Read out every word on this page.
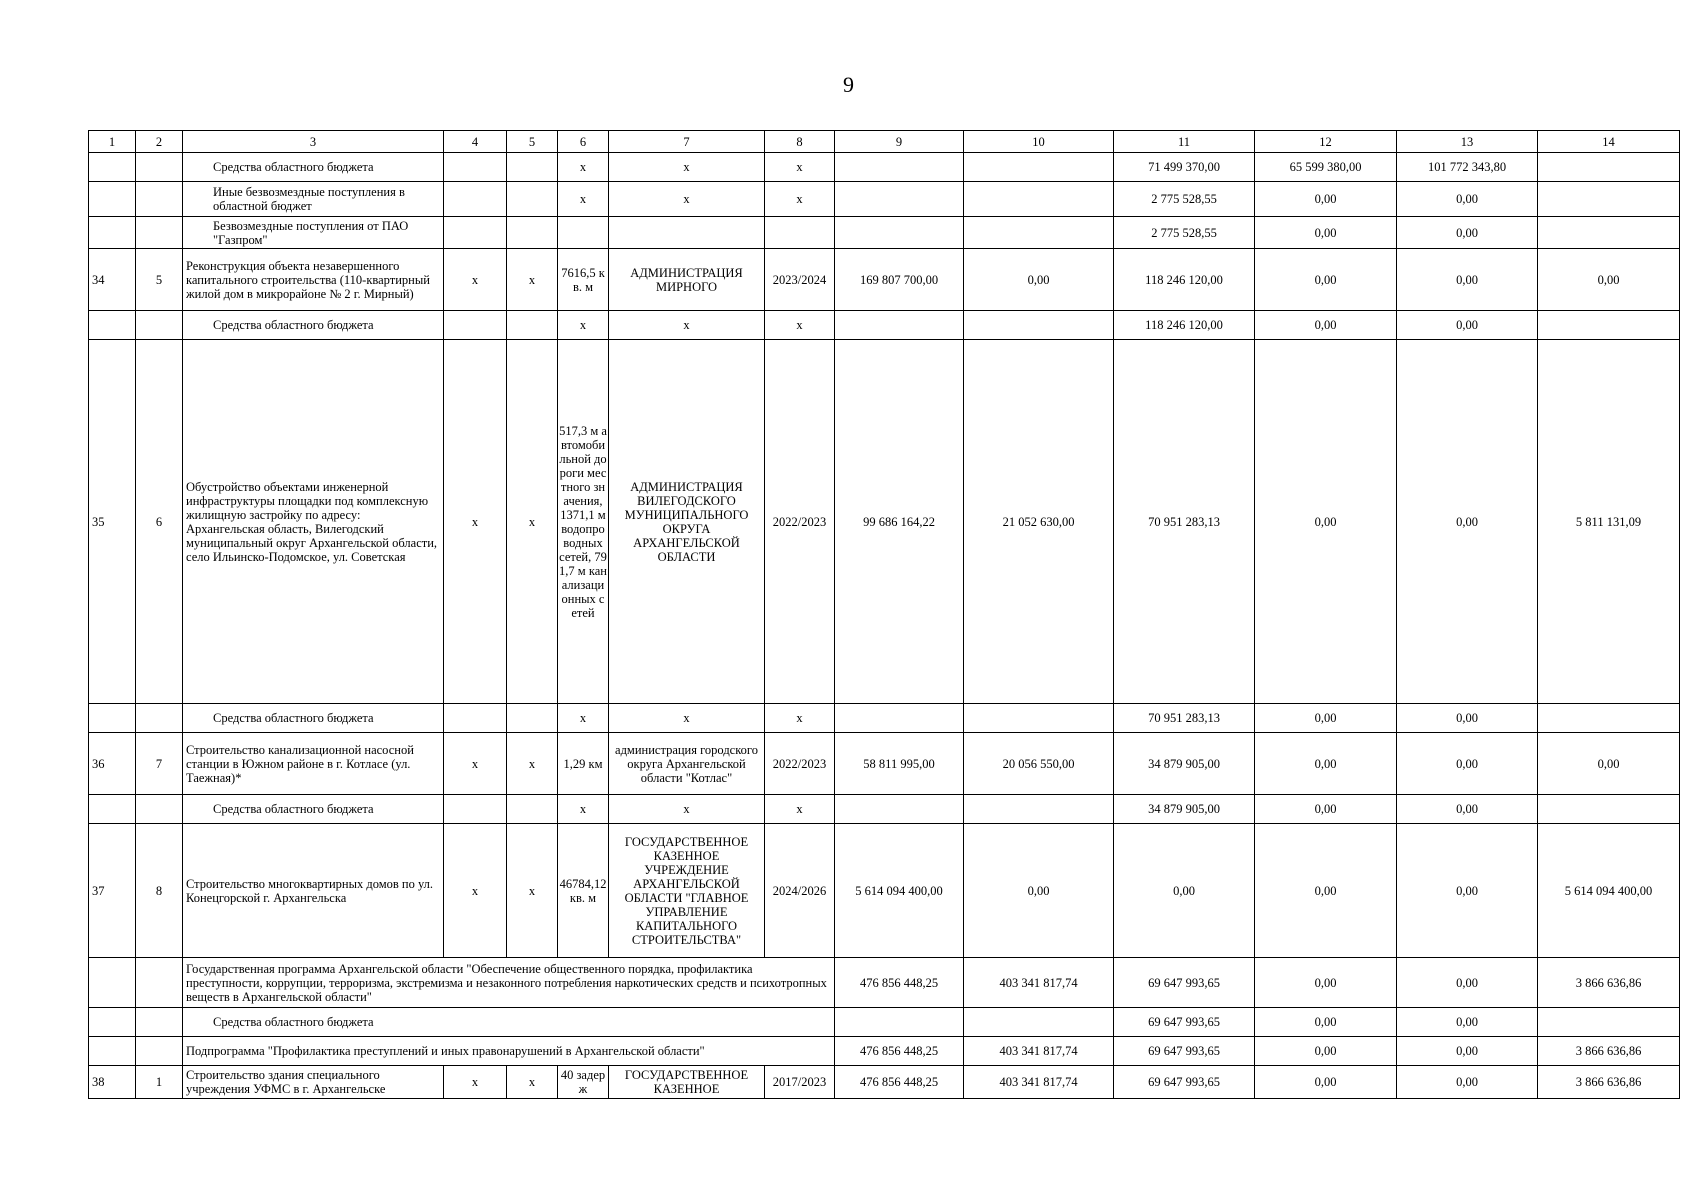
9
1	2	3	4	5	6	7	8	9	10	11	12	13	14
		Средства областного бюджета			х	х	х			71 499 370,00	65 599 380,00	101 772 343,80	
		Иные безвозмездные поступления в областной бюджет			х	х	х			2 775 528,55	0,00	0,00	
		Безвозмездные поступления от ПАО "Газпром"								2 775 528,55	0,00	0,00	
34	5	Реконструкция объекта незавершенного капитального строительства (110-квартирный жилой дом в микрорайоне № 2 г. Мирный)	х	х	7616,5 кв. м	АДМИНИСТРАЦИЯ МИРНОГО	2023/2024	169 807 700,00	0,00	118 246 120,00	0,00	0,00	0,00
		Средства областного бюджета			х	х	х			118 246 120,00	0,00	0,00	
35	6	Обустройство объектами инженерной инфраструктуры площадки под комплексную жилищную застройку по адресу: Архангельская область, Вилегодский муниципальный округ Архангельской области, село Ильинско-Подомское, ул. Советская	х	х	517,3 м автомобильной дороги местного значения, 1371,1 м водопроводных сетей, 791,7 м канализационных сетей	АДМИНИСТРАЦИЯ ВИЛЕГОДСКОГО МУНИЦИПАЛЬНОГО ОКРУГА АРХАНГЕЛЬСКОЙ ОБЛАСТИ	2022/2023	99 686 164,22	21 052 630,00	70 951 283,13	0,00	0,00	5 811 131,09
		Средства областного бюджета			х	х	х			70 951 283,13	0,00	0,00	
36	7	Строительство канализационной насосной станции в Южном районе в г. Котласе (ул. Таежная)*	х	х	1,29 км	администрация городского округа Архангельской области "Котлас"	2022/2023	58 811 995,00	20 056 550,00	34 879 905,00	0,00	0,00	0,00
		Средства областного бюджета			х	х	х			34 879 905,00	0,00	0,00	
37	8	Строительство многоквартирных домов по ул. Конецгорской г. Архангельска	х	х	46784,12 кв. м	ГОСУДАРСТВЕННОЕ КАЗЕННОЕ УЧРЕЖДЕНИЕ АРХАНГЕЛЬСКОЙ ОБЛАСТИ "ГЛАВНОЕ УПРАВЛЕНИЕ КАПИТАЛЬНОГО СТРОИТЕЛЬСТВА"	2024/2026	5 614 094 400,00	0,00	0,00	0,00	0,00	5 614 094 400,00
		Государственная программа Архангельской области "Обеспечение общественного порядка, профилактика преступности, коррупции, терроризма, экстремизма и незаконного потребления наркотических средств и психотропных веществ в Архангельской области"						476 856 448,25	403 341 817,74	69 647 993,65	0,00	0,00	3 866 636,86
		Средства областного бюджета								69 647 993,65	0,00	0,00	
		Подпрограмма "Профилактика преступлений и иных правонарушений в Архангельской области"						476 856 448,25	403 341 817,74	69 647 993,65	0,00	0,00	3 866 636,86
38	1	Строительство здания специального учреждения УФМС в г. Архангельске	х	х	40 задерж	ГОСУДАРСТВЕННОЕ КАЗЕННОЕ	2017/2023	476 856 448,25	403 341 817,74	69 647 993,65	0,00	0,00	3 866 636,86
